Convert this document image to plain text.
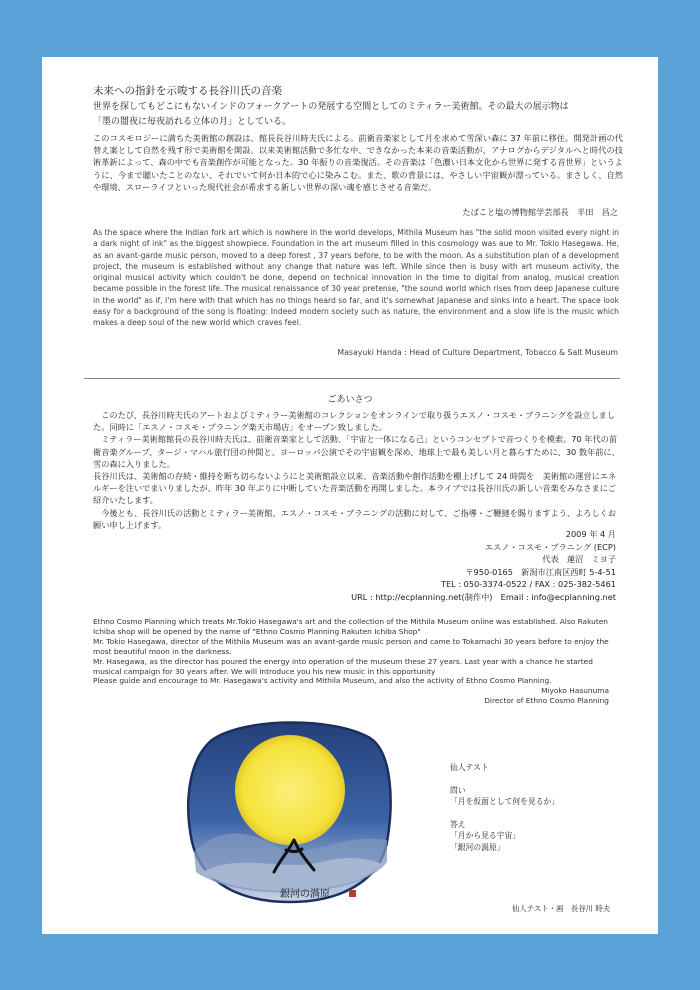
未来への指針を示唆する長谷川氏の音楽
世界を探してもどこにもないインドのフォークアートの発展する空間としてのミティラー美術館。その最大の展示物は
「墨の闇夜に毎夜訪れる立体の月」としている。
このコスモロジーに満ちた美術館の創設は、館長長谷川時夫氏による。前衛音楽家として月を求めて雪深い森に 37 年前に移住。開発計画の代替え案として自然を残す形で美術館を開設。以来美術館活動で多忙な中、できなかった本来の音楽活動が、アナログからデジタルへと時代の技術革新によって、森の中でも音楽創作が可能となった。30 年振りの音楽復活。その音楽は「色濃い日本文化から世界に発する音世界」というように、今まで聴いたことのない、それでいて何か日本的で心に染みこむ。また、歌の背景には、やさしい宇宙観が漂っている。まさしく、自然や環境、スローライフといった現代社会が希求する新しい世界の深い魂を感じさせる音楽だ。
たばこと塩の博物館学芸部長　半田　昌之
As the space where the Indian fork art which is nowhere in the world develops, Mithila Museum has "the solid moon visited every night in a dark night of ink" as the biggest showpiece. Foundation in the art museum filled in this cosmology was aue to Mr. Tokio Hasegawa. He, as an avant-garde music person, moved to a deep forest , 37 years before, to be with the moon. As a substitution plan of a development project, the museum is established without any change that nature was left. While since then is busy with art museum activity, the original musical activity which couldn't be done, depend on technical innovation in the time to digital from analog, musical creation became possible in the forest life. The musical renaissance of 30 year pretense, "the sound world which rises from deep Japanese culture in the world" as if, I'm here with that which has no things heard so far, and it's somewhat Japanese and sinks into a heart. The space look easy for a background of the song is floating: Indeed modern society such as nature, the environment and a slow life is the music which makes a deep soul of the new world which craves feel.
Masayuki Handa : Head of Culture Department, Tobacco & Salt Museum
ごあいさつ

　このたび、長谷川時夫氏のアートおよびミティラー美術館のコレクションをオンラインで取り扱うエスノ・コスモ・プラニングを設立しました。同時に「エスノ・コスモ・プラニング楽天市場店」をオープン致しました。

　ミティラー美術館館長の長谷川時夫氏は、前衛音楽家として活動、「宇宙と一体になる己」というコンセプトで音つくりを模索。70 年代の前衛音楽グループ、タージ・マハル旅行団の仲間と、ヨーロッパ公演でその宇宙観を深め、地球上で最も美しい月と暮らすために、30 数年前に、雪の森に入りました。

長谷川氏は、美術館の存続・維持を断ち切らないようにと美術館設立以来、音楽活動や創作活動を棚上げして 24 時間を　美術館の運営にエネルギーを注いでまいりましたが、昨年 30 年ぶりに中断していた音楽活動を再開しました。本ライブでは長谷川氏の新しい音楽をみなさまにご紹介いたします。

　今後とも、長谷川氏の活動とミティラー美術館、エスノ・コスモ・プラニングの活動に対して、ご指導・ご鞭撻を賜りますよう、よろしくお願い申し上げます。

2009 年 4 月

エスノ・コスモ・プラニング (ECP)

代表　蓮沼　ミヨ子

〒950-0165　新潟市江南区西町 5-4-51

TEL : 050-3374-0522 / FAX : 025-382-5461

URL : http://ecplanning.net(制作中)　Email : info@ecplanning.net

Ethno Cosmo Planning which treats Mr.Tokio Hasegawa's art and the collection of the Mithila Museum online was established. Also Rakuten Ichiba shop will be opened by the name of "Ethno Cosmo Planning Rakuten Ichiba Shop"

Mr. Tokio Hasegawa, director of the Mithila Museum was an avant-garde music person and came to Tokamachi 30 years before to enjoy the most beautiful moon in the darkness.

Mr. Hasegawa, as the director has poured the energy into operation of the museum these 27 years. Last year with a chance he started musical campaign for 30 years after. We will introduce you his new music in this opportunity

Please guide and encourage to Mr. Hasegawa's activity and Mithila Museum, and also the activity of Ethno Cosmo Planning.

Miyoko Hasunuma

Director of Ethno Cosmo Planning

銀河の渦原

仙人テスト

問い

「月を仮面として何を見るか」

答え

「月から見る宇宙」

「銀河の渦原」

仙人テスト・画　長谷川 時夫
